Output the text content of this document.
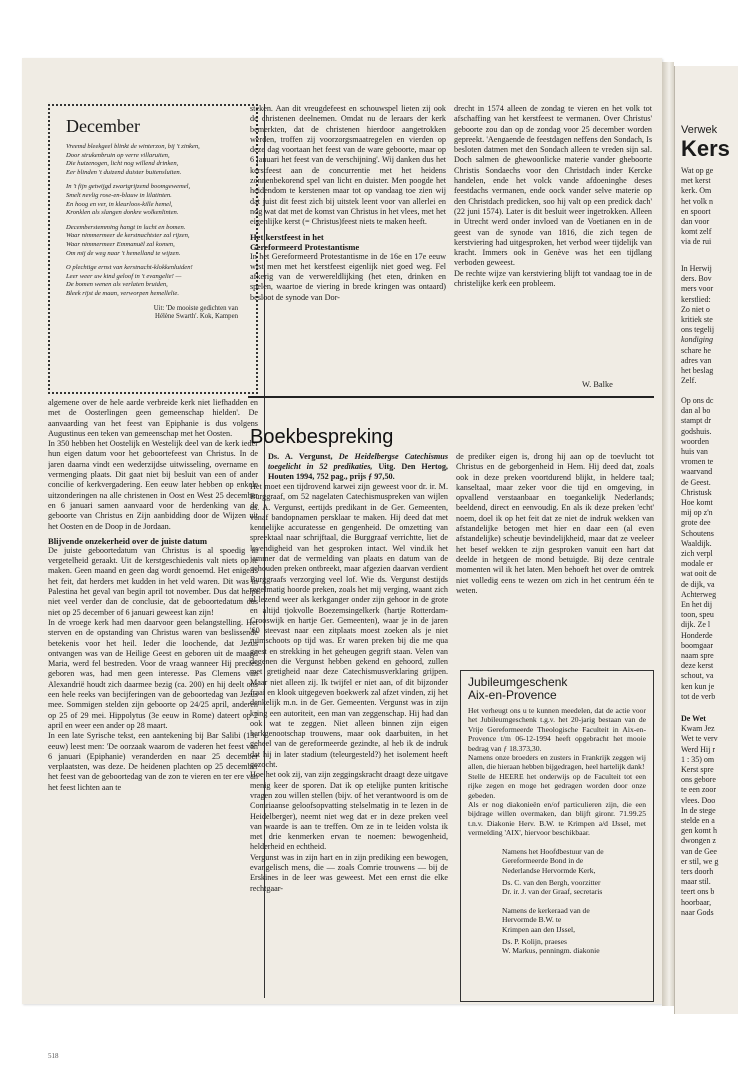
December
Vreemd bleekgeel blinkt de winterzon, bij 't zinken,
Door strukenbruin op verre villaruiten,
Die huizenogen, licht nog willend drinken,
Eer blinden 't duizend duister buitensluiten.
In 't fijn getwijgd zwartgrijzend boomgewemel,
Smelt nevlig rose-en-blauw in lilatinten.
En hoog en ver, in kleurloos-kille hemel,
Kronklen als slangen donkre wolkenlinten.
Decemberstemming hangt in lucht en bomen.
Waar nimmermeer de kerstnachtster zal rijzen,
Waar nimmermeer Emmanuël zal komen,
Om mij de weg naar 't hemelland te wijzen.
O plechtige ernst van kerstnacht-klokkenluiden!
Leer weer uw kind geloof in 't evangelie! —
De bomen wenen als verlaten bruiden,
Bleek rijst de maan, verworpen hemellelie.
Uit: 'De mooiste gedichten van
Hélène Swarth'. Kok, Kampen

algemene over de hele aarde verbreide kerk niet liefhadden en met de Oosterlingen geen gemeenschap hielden'. De aanvaarding van het feest van Epiphanie is dus volgens Augustinus een teken van gemeenschap met het Oosten.

In 350 hebben het Oostelijk en Westelijk deel van de kerk ieder hun eigen datum voor het geboortefeest van Christus. In de jaren daarna vindt een wederzijdse uitwisseling, overname en vermenging plaats. Dit gaat niet bij besluit van een of ander concilie of kerkvergadering. Een eeuw later hebben op enkele uitzonderingen na alle christenen in Oost en West 25 december en 6 januari samen aanvaard voor de herdenking van de geboorte van Christus en Zijn aanbidding door de Wijzen uit het Oosten en de Doop in de Jordaan.

Blijvende onzekerheid over de juiste datum

De juiste geboortedatum van Christus is al spoedig in vergetelheid geraakt. Uit de kerstgeschiedenis valt niets op te maken. Geen maand en geen dag wordt genoemd. Het enige is het feit, dat herders met kudden in het veld waren. Dit was in Palestina het geval van begin april tot november. Dus dat helpt niet veel verder dan de conclusie, dat de geboortedatum dus niet op 25 december of 6 januari geweest kan zijn!

In de vroege kerk had men daarvoor geen belangstelling. Het sterven en de opstanding van Christus waren van beslissende betekenis voor het heil. Ieder die loochende, dat Jezus ontvangen was van de Heilige Geest en geboren uit de maagd Maria, werd fel bestreden. Voor de vraag wanneer Hij precies geboren was, had men geen interesse. Pas Clemens van Alexandrië houdt zich daarmee bezig (ca. 200) en hij deelt ons een hele reeks van becijferingen van de geboortedag van Jezus mee. Sommigen stelden zijn geboorte op 24/25 april, anderen op 25 of 29 mei. Hippolytus (3e eeuw in Rome) dateert op 2 april en weer een ander op 28 maart.

In een late Syrische tekst, een aantekening bij Bar Salibi (13e eeuw) leest men: 'De oorzaak waarom de vaderen het feest van 6 januari (Epiphanie) veranderden en naar 25 december verplaatsten, was deze. De heidenen plachten op 25 december het feest van de geboortedag van de zon te vieren en ter ere van het feest lichten aan te

steken. Aan dit vreugdefeest en schouwspel lieten zij ook de christenen deelnemen. Omdat nu de leraars der kerk bemerkten, dat de christenen hierdoor aangetrokken werden, troffen zij voorzorgsmaatregelen en vierden op deze dag voortaan het feest van de ware geboorte, maar op 6 januari het feest van de verschijning'. Wij danken dus het kerstfeest aan de concurrentie met het heidens zonnenbekorend spel van licht en duister. Men poogde het heidendom te kerstenen maar tot op vandaag toe zien wij dat juist dit feest zich bij uitstek leent voor van allerlei en nog wat dat met de komst van Christus in het vlees, met het eigenlijke kerst (= Christus)feest niets te maken heeft.

Het kerstfeest in het
Gereformeerd Protestantisme

In het Gereformeerd Protestantisme in de 16e en 17e eeuw wist men met het kerstfeest eigenlijk niet goed weg. Fel afkerig van de verwereldlijking (het eten, drinken en spelen, waartoe de viering in brede kringen was ontaard) besloot de synode van Dor-

drecht in 1574 alleen de zondag te vieren en het volk tot afschaffing van het kerstfeest te vermanen. Over Christus' geboorte zou dan op de zondag voor 25 december worden gepreekt. 'Aengaende de feestdagen neffens den Sondach, Is besloten datmen met den Sondach alleen te vreden sijn sal. Doch salmen de ghewoonlicke materie vander gheboorte Christis Sondaechs voor den Christdach inder Kercke handelen, ende het volck vande afdoeninghe deses feestdachs vermanen, ende oock vander selve materie op den Christdach predicken, soo hij valt op een predick dach' (22 juni 1574). Later is dit besluit weer ingetrokken. Alleen in Utrecht werd onder invloed van de Voetianen en in de geest van de synode van 1816, die zich tegen de kerstviering had uitgesproken, het verbod weer tijdelijk van kracht. Immers ook in Genève was het een tijdlang verboden geweest.

De rechte wijze van kerstviering blijft tot vandaag toe in de christelijke kerk een probleem.

W. Balke
Boekbespreking

Ds. A. Vergunst, De Heidelbergse Catechismus toegelicht in 52 predikaties, Uitg. Den Hertog, Houten 1994, 752 pag., prijs ƒ 97,50.

Het moet een tijdrovend karwei zijn geweest voor dr. ir. M. Burggraaf, om 52 nagelaten Catechismuspreken van wijlen ds. A. Vergunst, eertijds predikant in de Ger. Gemeenten, vanaf bandopnamen persklaar te maken. Hij deed dat met kennelijke accuratesse en gengenheid. De omzetting van spreektaal naar schrijftaal, die Burggraaf verrichtte, liet de levendigheid van het gesproken intact. Wel vind.ik het jammer dat de vermelding van plaats en datum van de gehouden preken ontbreekt, maar afgezien daarvan verdient Burggraafs verzorging veel lof. Wie ds. Vergunst destijds regelmatig hoorde preken, zoals het mij verging, waant zich al lezend weer als kerkganger onder zijn gehoor in de grote en altijd tjokvolle Boezemsingelkerk (hartje Rotterdam-Crooswijk en hartje Ger. Gemeenten), waar je in de jaren '60 steevast naar een zitplaats moest zoeken als je niet ruimschoots op tijd was. Er waren preken bij die me qua geest en strekking in het geheugen gegrift staan. Velen van degenen die Vergunst hebben gekend en gehoord, zullen met gretigheid naar deze Catechismusverklaring grijpen. Maar niet alleen zij. Ik twijfel er niet aan, of dit bijzonder fraai en klook uitgegeven boekwerk zal afzet vinden, zij het denkelijk m.n. in de Ger. Gemeenten. Vergunst was in zijn kring een autoriteit, een man van zeggenschap. Hij had dan ook wat te zeggen. Niet alleen binnen zijn eigen kerkgenootschap trouwens, maar ook daarbuiten, in het geheel van de gereformeerde gezindte, al heb ik de indruk dat hij in later stadium (teleurgesteld?) het isolement heeft gezocht.

Hoe het ook zij, van zijn zeggingskracht draagt deze uitgave menig keer de sporen. Dat ik op etelijke punten kritische vragen zou willen stellen (bijv. of het verantwoord is om de Comriaanse geloofsopvatting stelselmatig in te lezen in de Heidelberger), neemt niet weg dat er in deze preken veel van waarde is aan te treffen. Om ze in te leiden volsta ik met drie kenmerken ervan te noemen: bewogenheid, helderheid en echtheid.

Vergunst was in zijn hart en in zijn prediking een bewogen, evangelisch mens, die — zoals Comrie trouwens — bij de Erskines in de leer was geweest. Met een ernst die elke rechtgaar-

de prediker eigen is, drong hij aan op de toevlucht tot Christus en de geborgenheid in Hem. Hij deed dat, zoals ook in deze preken voortdurend blijkt, in heldere taal; kanseltaal, maar zeker voor die tijd en omgeving, in opvallend verstaanbaar en toegankelijk Nederlands; beeldend, direct en eenvoudig. En als ik deze preken 'echt' noem, doel ik op het feit dat ze niet de indruk wekken van afstandelijke betogen met hier en daar een (al even afstandelijke) scheutje bevindelijkheid, maar dat ze veeleer het besef wekken te zijn gesproken vanuit een hart dat deelde in hetgeen de mond betuigde. Bij deze centrale momenten wil ik het laten. Men behoeft het over de omtrek niet volledig eens te wezen om zich in het centrum één te weten.

Jubileumgeschenk
Aix-en-Provence

Het verheugt ons u te kunnen meedelen, dat de actie voor het Jubileumgeschenk t.g.v. het 20-jarig bestaan van de Vrije Gereformeerde Theologische Faculteit in Aix-en-Provence t/m 06-12-1994 heeft opgebracht het mooie bedrag van ƒ 18.373,30.

Namens onze broeders en zusters in Frankrijk zeggen wij allen, die hieraan hebben bijgedragen, heel hartelijk dank!

Stelle de HEERE het onderwijs op de Faculteit tot een rijke zegen en moge het gedragen worden door onze gebeden.

Als er nog diakonieën en/of particulieren zijn, die een bijdrage willen overmaken, dan blijft gironr. 71.99.25 t.n.v. Diakonie Herv. B.W. te Krimpen a/d IJssel, met vermelding 'AIX', hiervoor beschikbaar.

Namens het Hoofdbestuur van de
Gereformeerde Bond in de
Nederlandse Hervormde Kerk,
Ds. C. van den Bergh, voorzitter
Dr. ir. J. van der Graaf, secretaris
Namens de kerkeraad van de
Hervormde B.W. te
Krimpen aan den IJssel,
Ds. P. Kolijn, praeses
W. Markus, penningm. diakonie
518
Verwek
Kers
Wat op ge
met kerst
kerk. Om
het volk n
en spoort
dan voor
komt zelf
via de rui
In Herwij
ders. Bov
mers voor
kerstlied:
Zo niet o
kritiek ste
ons tegelij
kondiging
schare he
adres van
het beslag
Zelf.
Op ons dc
dan al bo
stampt dr
godshuis.
woorden
huis van
vromen te
waarvand
de Geest.
Christusk
Hoe komt
mij op z'n
grote dee
Schoutens
Waaldijk.
zich verpl
modale er
wat ooit de
de dijk, va
Achterweg
En het dij
toon, speu
dijk. Ze l
Honderde
boomgaar
naam spre
deze kerst
schout, va
ken kun je
tot de verb
De Wet
Kwam Jez
Wet te verv
Werd Hij r
1 : 35) om
Kerst spre
ons gebore
te een zoor
vlees. Doo
In de stege
stelde en a
gen komt h
dwongen z
van de Gee
er stil, we g
ters doorh
maar stil.
teert ons b
hoorbaar,
naar Gods
